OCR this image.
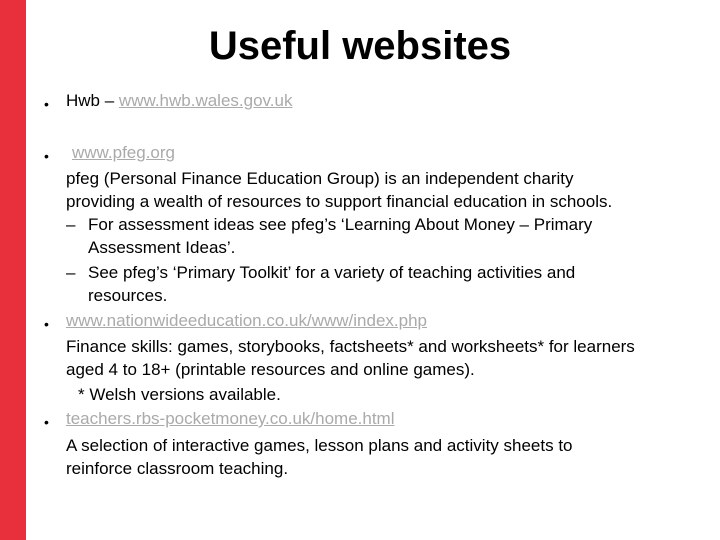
Useful websites
• Hwb – www.hwb.wales.gov.uk
• www.pfeg.org
pfeg (Personal Finance Education Group) is an independent charity
providing a wealth of resources to support financial education in schools.
– For assessment ideas see pfeg’s ‘Learning About Money – Primary
Assessment Ideas’.
– See pfeg’s ‘Primary Toolkit’ for a variety of teaching activities and
resources.
• www.nationwideeducation.co.uk/www/index.php
Finance skills: games, storybooks, factsheets* and worksheets* for learners
aged 4 to 18+ (printable resources and online games).
* Welsh versions available.
• teachers.rbs-pocketmoney.co.uk/home.html
A selection of interactive games, lesson plans and activity sheets to
reinforce classroom teaching.
